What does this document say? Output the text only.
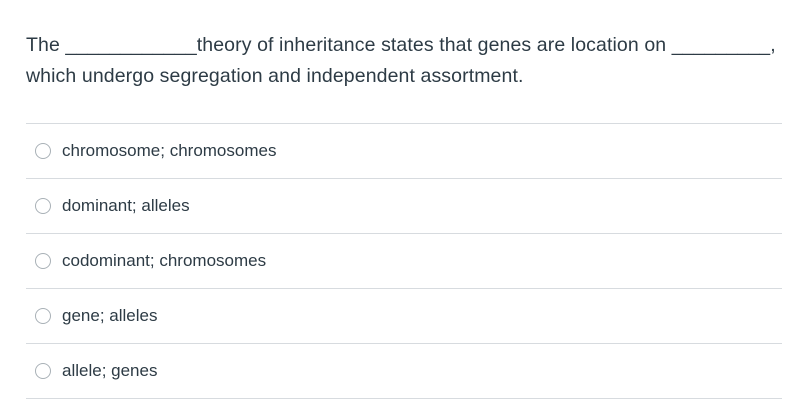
The ____________theory of inheritance states that genes are location on _________,

which undergo segregation and independent assortment.

chromosome; chromosomes
dominant; alleles
codominant; chromosomes
gene; alleles
allele; genes
